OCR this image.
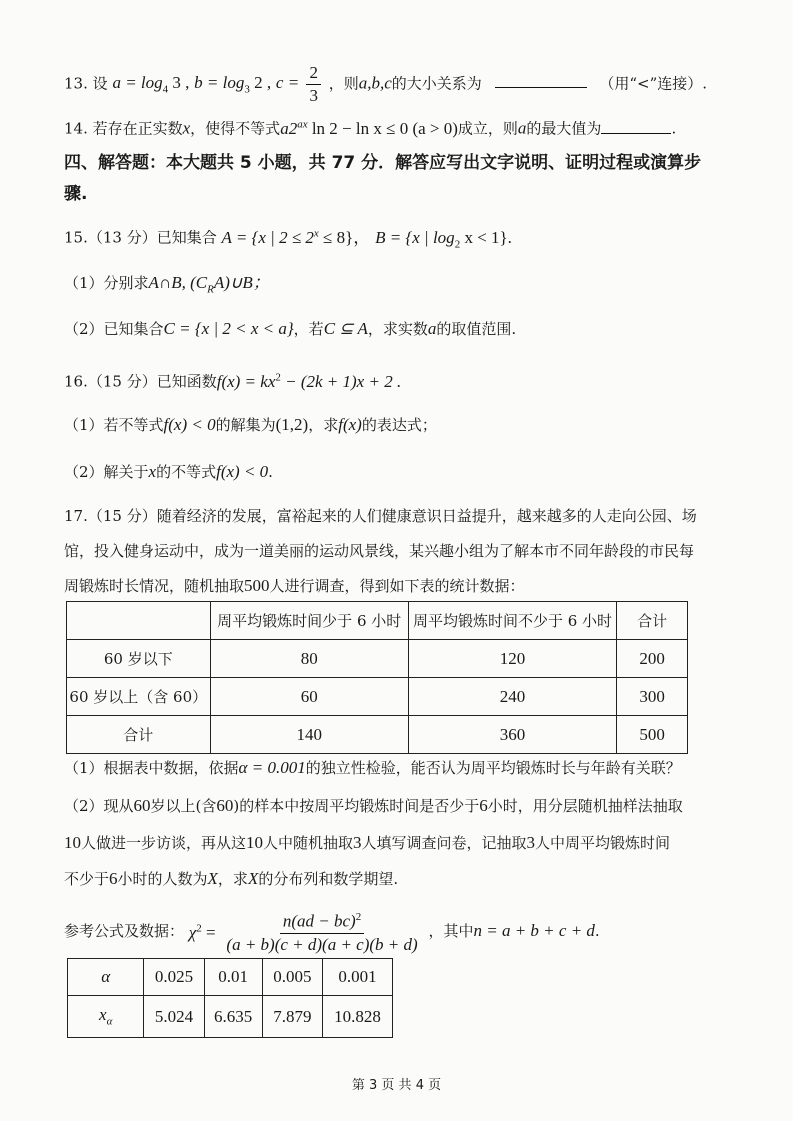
13. 设 $a = \log_4 3$ , $b = \log_3 2$ , $c = \frac{2}{3}$ ，则a,b,c的大小关系为	（用“<”连接）.
14. 若存在正实数x，使得不等式$a2^{ax}$ ln 2 − ln x ≤ 0 (a > 0)成立，则a的最大值为	.
四、解答题：本大题共 5 小题，共 77 分．解答应写出文字说明、证明过程或演算步
骤.
15.（13 分）已知集合 A = {x | $2 \le 2^x \le 8$}， B = {x | $\log_2 x < 1$}.
（1）分别求A∩B, $(C_RA)\cup B$；
（2）已知集合C = {x | 2 < x < a}，若C ⊆ A，求实数a的取值范围.
16.（15 分）已知函数$f(x) = kx^2 - (2k + 1)x + 2$ .
（1）若不等式f(x) < 0的解集为(1,2)，求f(x)的表达式；
（2）解关于x的不等式f(x) < 0.
17.（15 分）随着经济的发展，富裕起来的人们健康意识日益提升，越来越多的人走向公园、场
馆，投入健身运动中，成为一道美丽的运动风景线，某兴趣小组为了解本市不同年龄段的市民每
周锻炼时长情况，随机抽取500人进行调查，得到如下表的统计数据：
	周平均锻炼时间少于 6 小时	周平均锻炼时间不少于 6 小时	合计
60 岁以下	80	120	200
60 岁以上（含 60）	60	240	300
合计	140	360	500
（1）根据表中数据，依据α = 0.001的独立性检验，能否认为周平均锻炼时长与年龄有关联？
（2）现从60岁以上(含60)的样本中按周平均锻炼时间是否少于6小时，用分层随机抽样法抽取
10人做进一步访谈，再从这10人中随机抽取3人填写调查问卷，记抽取3人中周平均锻炼时间
不少于6小时的人数为X，求X的分布列和数学期望.
参考公式及数据： $\chi^2 = \frac{n(ad - bc)^2}{(a + b)(c + d)(a + c)(b + d)}$ ，其中n = a + b + c + d.
α	0.025	0.01	0.005	0.001
$x_\alpha$	5.024	6.635	7.879	10.828
第 3 页 共 4 页
